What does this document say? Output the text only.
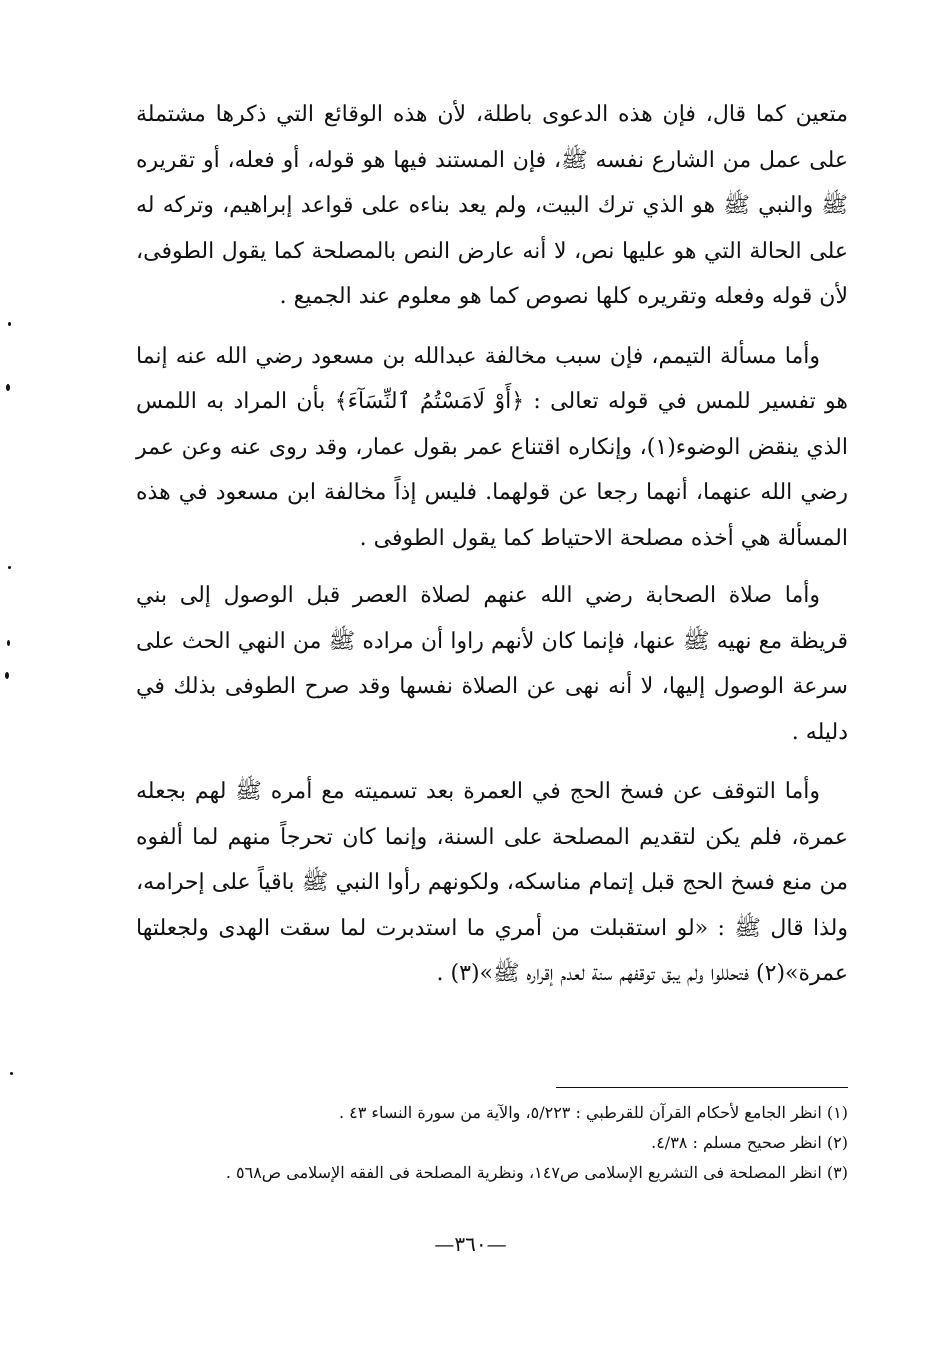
متعين كما قال، فإن هذه الدعوى باطلة، لأن هذه الوقائع التي ذكرها مشتملة على عمل من الشارع نفسه ﷺ، فإن المستند فيها هو قوله، أو فعله، أو تقريره ﷺ والنبي ﷺ هو الذي ترك البيت، ولم يعد بناءه على قواعد إبراهيم، وتركه له على الحالة التي هو عليها نص، لا أنه عارض النص بالمصلحة كما يقول الطوفى، لأن قوله وفعله وتقريره كلها نصوص كما هو معلوم عند الجميع .

وأما مسألة التيمم، فإن سبب مخالفة عبدالله بن مسعود رضي الله عنه إنما هو تفسير للمس في قوله تعالى : ﴿أَوْ لَامَسْتُمُ ٱلنِّسَآءَ﴾ بأن المراد به اللمس الذي ينقض الوضوء(١)، وإنكاره اقتناع عمر بقول عمار، وقد روى عنه وعن عمر رضي الله عنهما، أنهما رجعا عن قولهما. فليس إذاً مخالفة ابن مسعود في هذه المسألة هي أخذه مصلحة الاحتياط كما يقول الطوفى .

وأما صلاة الصحابة رضي الله عنهم لصلاة العصر قبل الوصول إلى بني قريظة مع نهيه ﷺ عنها، فإنما كان لأنهم راوا أن مراده ﷺ من النهي الحث على سرعة الوصول إليها، لا أنه نهى عن الصلاة نفسها وقد صرح الطوفى بذلك في دليله .

وأما التوقف عن فسخ الحج في العمرة بعد تسميته مع أمره ﷺ لهم بجعله عمرة، فلم يكن لتقديم المصلحة على السنة، وإنما كان تحرجاً منهم لما ألفوه من منع فسخ الحج قبل إتمام مناسكه، ولكونهم رأوا النبي ﷺ باقياً على إحرامه، ولذا قال ﷺ : «لو استقبلت من أمري ما استدبرت لما سقت الهدى ولجعلتها عمرة»(٢) فتحللوا ولم يبق توقفهم سنة لعدم إقراره ﷺ»(٣) .

(١) انظر الجامع لأحكام القرآن للقرطبي : ٥/٢٢٣، والآية من سورة النساء ٤٣ .

(٢) انظر صحيح مسلم : ٤/٣٨.

(٣) انظر المصلحة فى التشريع الإسلامى ص١٤٧، ونظرية المصلحة فى الفقه الإسلامى ص٥٦٨ .

—٣٦٠—
